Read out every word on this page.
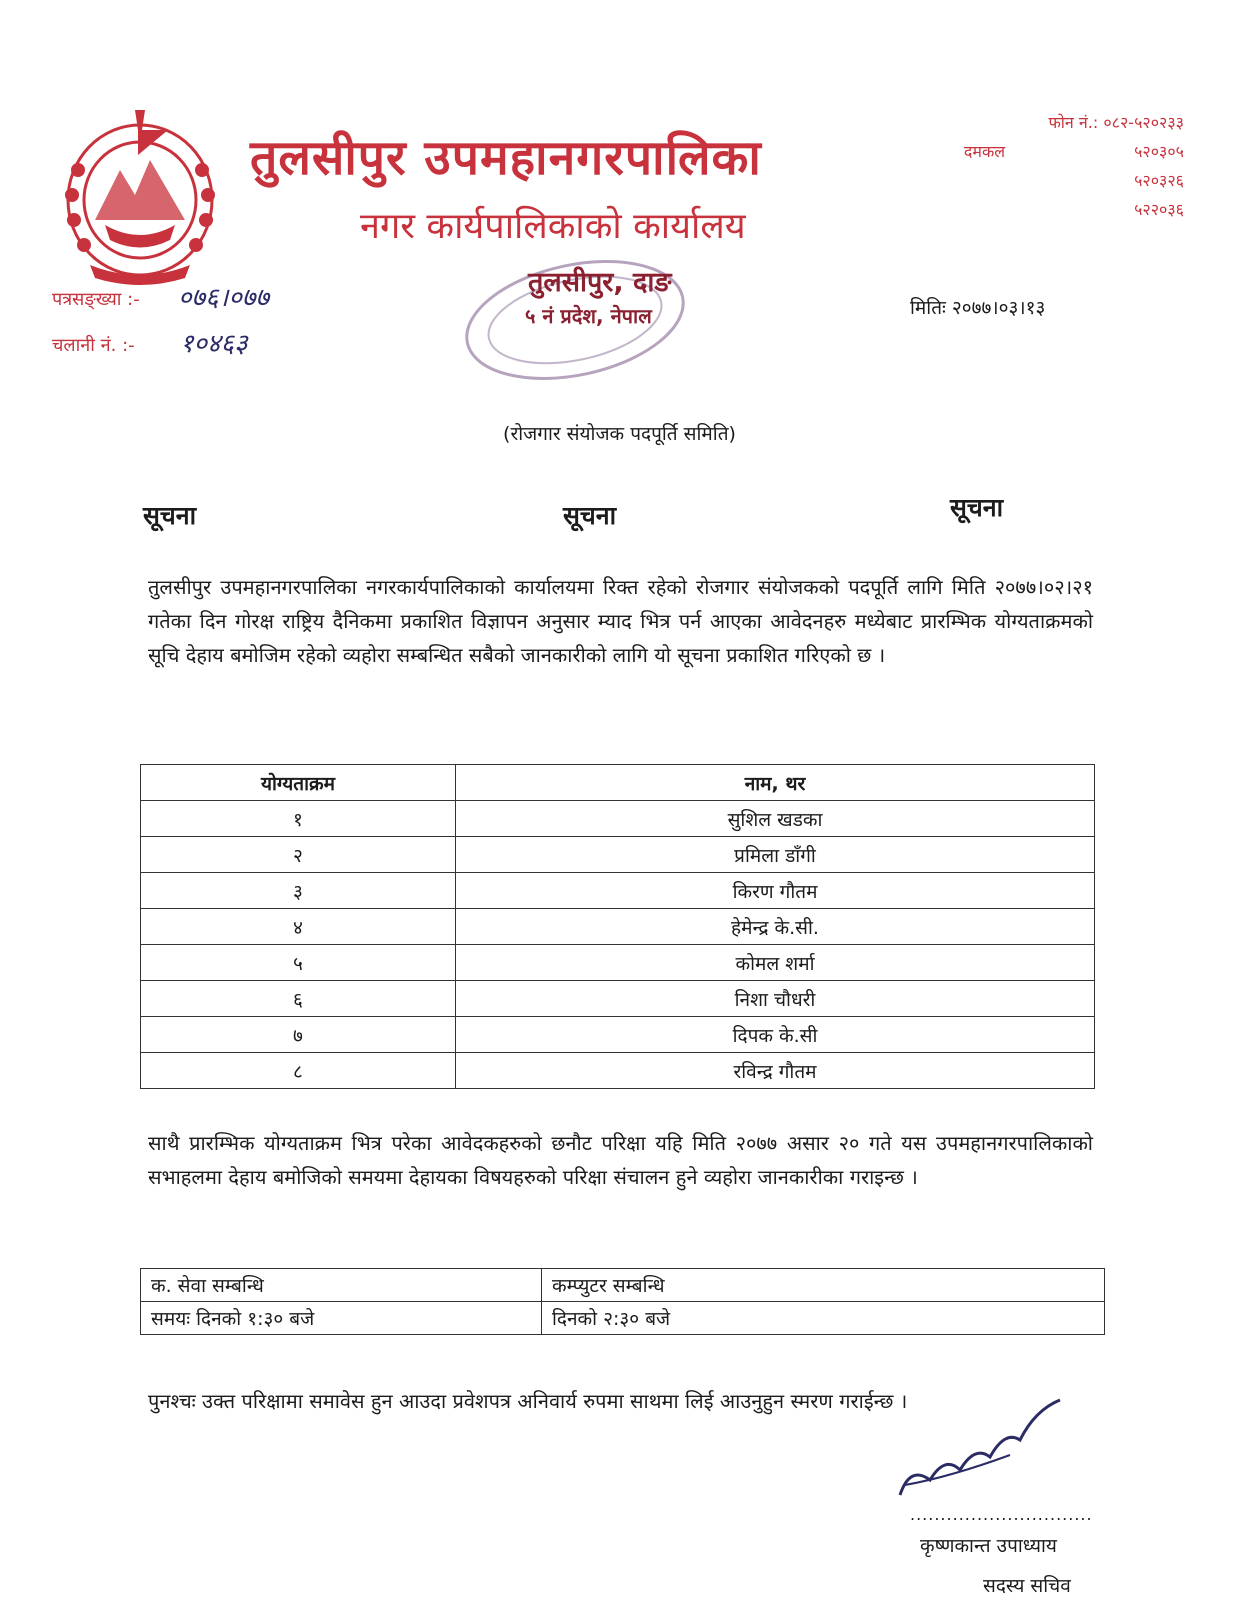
तुलसीपुर उपमहानगरपालिका
नगर कार्यपालिकाको कार्यालय
फोन नं.: ०८२-५२०२३३
दमकल	५२०३०५
५२०३२६
५२२०३६
पत्रसङ्ख्या :- ०७६।०७७
चलानी नं. :- १०४६३
तुलसीपुर, दाङ
५ नं प्रदेश, नेपाल	मितिः २०७७।०३।१३
(रोजगार संयोजक पदपूर्ति समिति)
सूचना	सूचना	सूचना
तुलसीपुर उपमहानगरपालिका नगरकार्यपालिकाको कार्यालयमा रिक्त रहेको रोजगार संयोजकको पदपूर्ति लागि मिति २०७७।०२।२१ गतेका दिन गोरक्ष राष्ट्रिय दैनिकमा प्रकाशित विज्ञापन अनुसार म्याद भित्र पर्न आएका आवेदनहरु मध्येबाट प्रारम्भिक योग्यताक्रमको सूचि देहाय बमोजिम रहेको व्यहोरा सम्बन्धित सबैको जानकारीको लागि यो सूचना प्रकाशित गरिएको छ ।
योग्यताक्रम	नाम, थर
१	सुशिल खडका
२	प्रमिला डाँगी
३	किरण गौतम
४	हेमेन्द्र के.सी.
५	कोमल शर्मा
६	निशा चौधरी
७	दिपक के.सी
८	रविन्द्र गौतम
साथै प्रारम्भिक योग्यताक्रम भित्र परेका आवेदकहरुको छनौट परिक्षा यहि मिति २०७७ असार २० गते यस उपमहानगरपालिकाको सभाहलमा देहाय बमोजिको समयमा देहायका विषयहरुको परिक्षा संचालन हुने व्यहोरा जानकारीका गराइन्छ ।
क. सेवा सम्बन्धि	कम्प्युटर सम्बन्धि
समयः दिनको १:३० बजे	दिनको २:३० बजे
पुनश्चः उक्त परिक्षामा समावेस हुन आउदा प्रवेशपत्र अनिवार्य रुपमा साथमा लिई आउनुहुन स्मरण गराईन्छ ।
..............................
कृष्णकान्त उपाध्याय
सदस्य सचिव
